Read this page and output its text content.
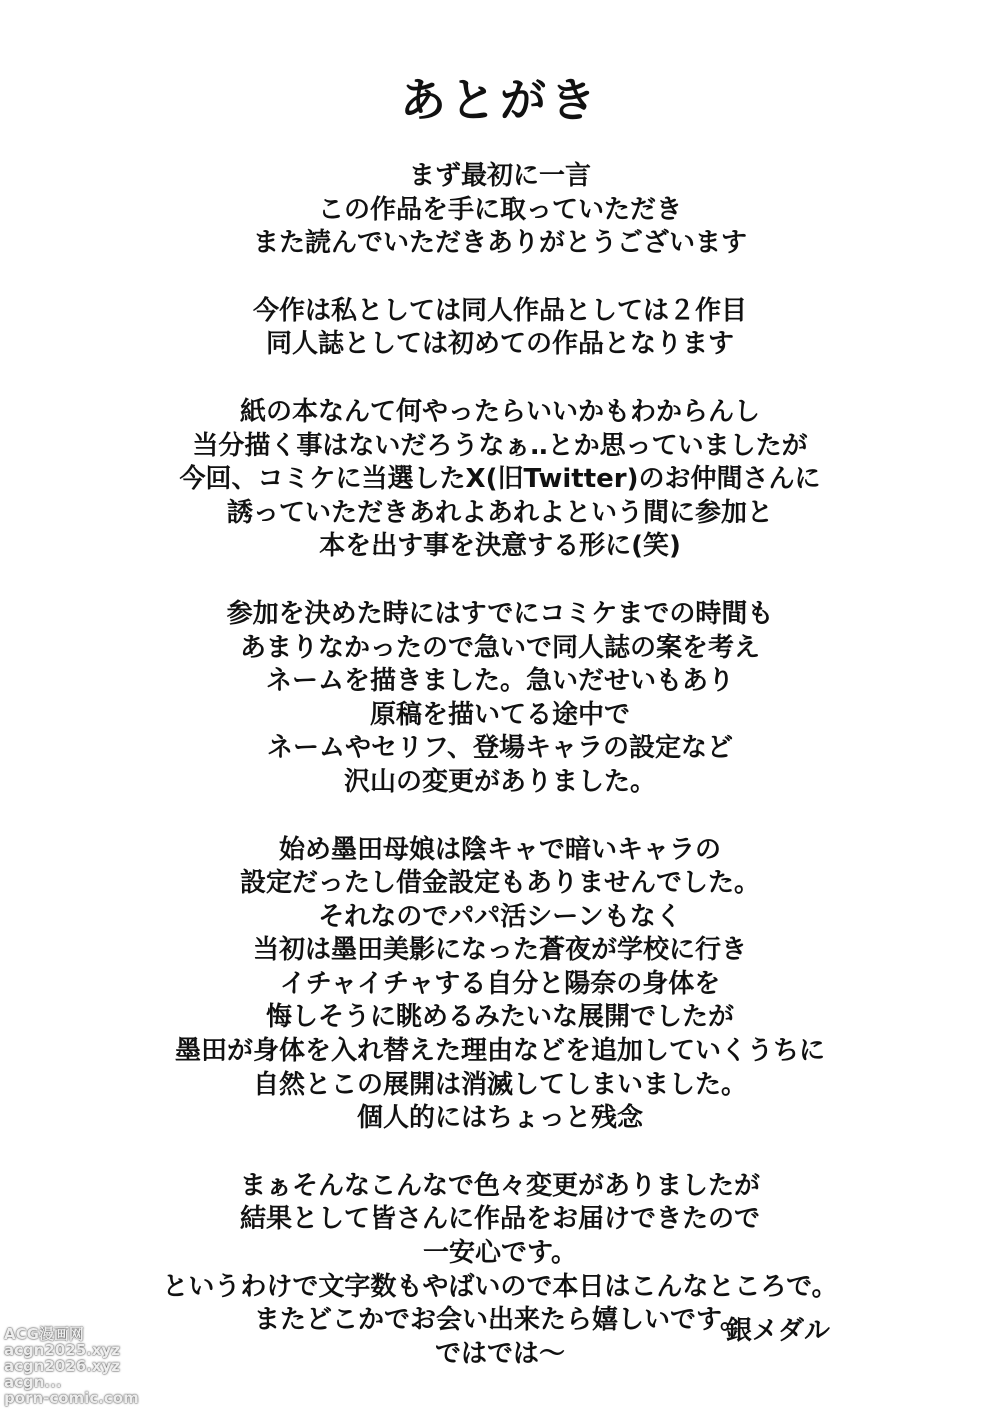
あとがき

まず最初に一言
この作品を手に取っていただき
また読んでいただきありがとうございます

今作は私としては同人作品としては２作目
同人誌としては初めての作品となります

紙の本なんて何やったらいいかもわからんし
当分描く事はないだろうなぁ‥とか思っていましたが
今回、コミケに当選したX(旧Twitter)のお仲間さんに
誘っていただきあれよあれよという間に参加と
本を出す事を決意する形に(笑)

参加を決めた時にはすでにコミケまでの時間も
あまりなかったので急いで同人誌の案を考え
ネームを描きました。急いだせいもあり
原稿を描いてる途中で
ネームやセリフ、登場キャラの設定など
沢山の変更がありました。

始め墨田母娘は陰キャで暗いキャラの
設定だったし借金設定もありませんでした。
それなのでパパ活シーンもなく
当初は墨田美影になった蒼夜が学校に行き
イチャイチャする自分と陽奈の身体を
悔しそうに眺めるみたいな展開でしたが
墨田が身体を入れ替えた理由などを追加していくうちに
自然とこの展開は消滅してしまいました。
個人的にはちょっと残念

まぁそんなこんなで色々変更がありましたが
結果として皆さんに作品をお届けできたので
一安心です。
というわけで文字数もやばいので本日はこんなところで。
またどこかでお会い出来たら嬉しいです。
ではでは～

銀メダル
ACG漫画网
acgn2025.xyz
acgn2026.xyz
acgn...
porn-comic.com
